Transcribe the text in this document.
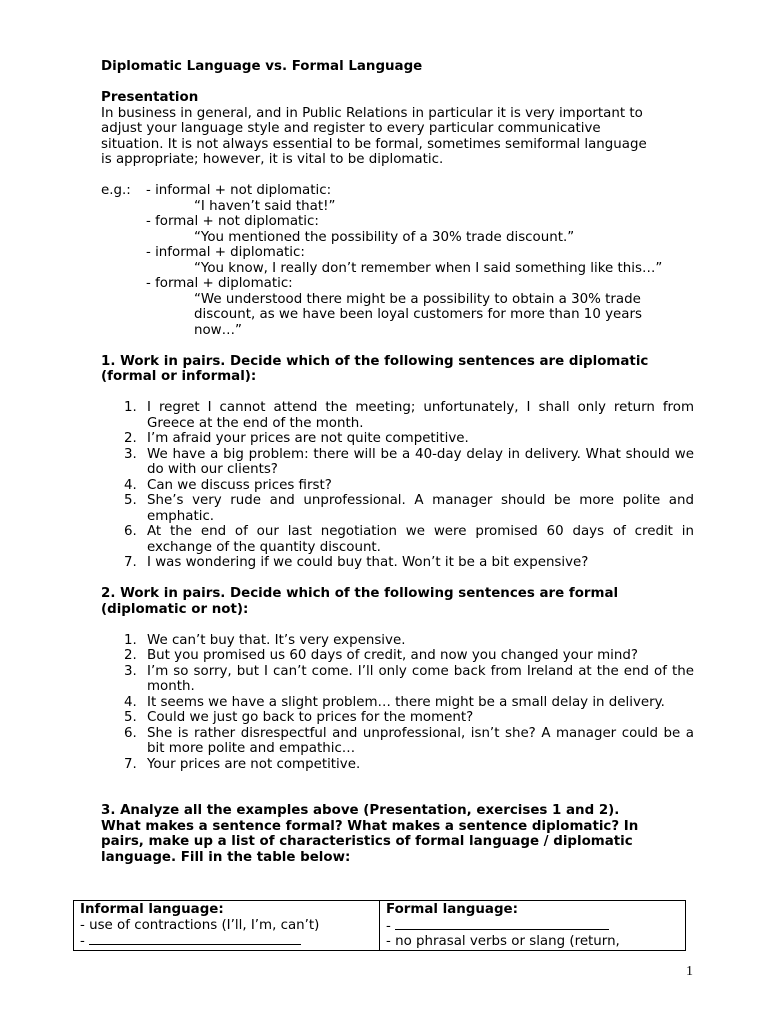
Diplomatic Language vs. Formal Language

Presentation

In business in general, and in Public Relations in particular it is very important to
adjust your language style and register to every particular communicative
situation. It is not always essential to be formal, sometimes semiformal language
is appropriate; however, it is vital to be diplomatic.
e.g.: - informal + not diplomatic:
“I haven’t said that!”
- formal + not diplomatic:
“You mentioned the possibility of a 30% trade discount.”
- informal + diplomatic:
“You know, I really don’t remember when I said something like this…”
- formal + diplomatic:
“We understood there might be a possibility to obtain a 30% trade
discount, as we have been loyal customers for more than 10 years
now…”
1. Work in pairs. Decide which of the following sentences are diplomatic
(formal or informal):
1. I regret I cannot attend the meeting; unfortunately, I shall only return from Greece at the end of the month.
2. I’m afraid your prices are not quite competitive.
3. We have a big problem: there will be a 40-day delay in delivery. What should we do with our clients?
4. Can we discuss prices first?
5. She’s very rude and unprofessional. A manager should be more polite and emphatic.
6. At the end of our last negotiation we were promised 60 days of credit in exchange of the quantity discount.
7. I was wondering if we could buy that. Won’t it be a bit expensive?
2. Work in pairs. Decide which of the following sentences are formal
(diplomatic or not):
1. We can’t buy that. It’s very expensive.
2. But you promised us 60 days of credit, and now you changed your mind?
3. I’m so sorry, but I can’t come. I’ll only come back from Ireland at the end of the month.
4. It seems we have a slight problem… there might be a small delay in delivery.
5. Could we just go back to prices for the moment?
6. She is rather disrespectful and unprofessional, isn’t she? A manager could be a bit more polite and empathic…
7. Your prices are not competitive.
3. Analyze all the examples above (Presentation, exercises 1 and 2).
What makes a sentence formal? What makes a sentence diplomatic? In
pairs, make up a list of characteristics of formal language / diplomatic
language. Fill in the table below:
Informal language:
- use of contractions (I’ll, I’m, can’t)
-

Formal language:
-
- no phrasal verbs or slang (return,
1
